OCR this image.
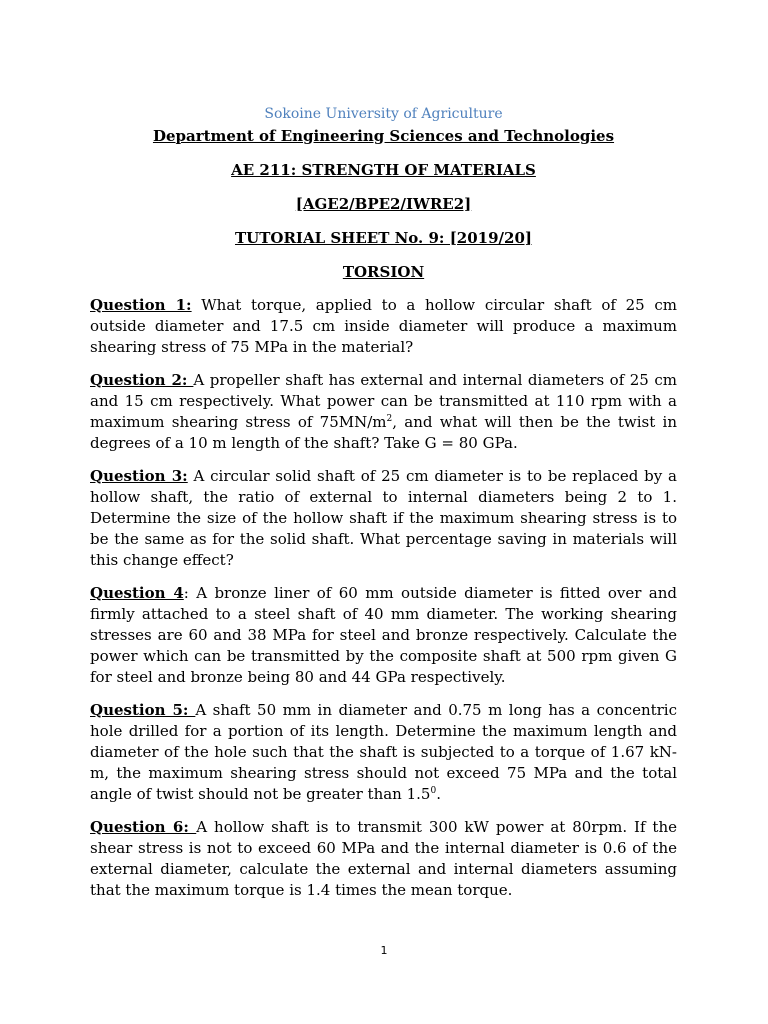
Sokoine University of Agriculture

Department of Engineering Sciences and Technologies

AE 211: STRENGTH OF MATERIALS

[AGE2/BPE2/IWRE2]

TUTORIAL SHEET No. 9: [2019/20]

TORSION

Question 1: What torque, applied to a hollow circular shaft of 25 cm outside diameter and 17.5 cm inside diameter will produce a maximum shearing stress of 75 MPa in the material?

Question 2: A propeller shaft has external and internal diameters of 25 cm and 15 cm respectively. What power can be transmitted at 110 rpm with a maximum shearing stress of $75MN/m^2$, and what will then be the twist in degrees of a 10 m length of the shaft? Take G = 80 GPa.

Question 3: A circular solid shaft of 25 cm diameter is to be replaced by a hollow shaft, the ratio of external to internal diameters being 2 to 1. Determine the size of the hollow shaft if the maximum shearing stress is to be the same as for the solid shaft. What percentage saving in materials will this change effect?

Question 4: A bronze liner of 60 mm outside diameter is fitted over and firmly attached to a steel shaft of 40 mm diameter. The working shearing stresses are 60 and 38 MPa for steel and bronze respectively. Calculate the power which can be transmitted by the composite shaft at 500 rpm given G for steel and bronze being 80 and 44 GPa respectively.

Question 5: A shaft 50 mm in diameter and 0.75 m long has a concentric hole drilled for a portion of its length. Determine the maximum length and diameter of the hole such that the shaft is subjected to a torque of 1.67 kN-m, the maximum shearing stress should not exceed 75 MPa and the total angle of twist should not be greater than $1.5^0$.

Question 6: A hollow shaft is to transmit 300 kW power at 80rpm. If the shear stress is not to exceed 60 MPa and the internal diameter is 0.6 of the external diameter, calculate the external and internal diameters assuming that the maximum torque is 1.4 times the mean torque.

1
